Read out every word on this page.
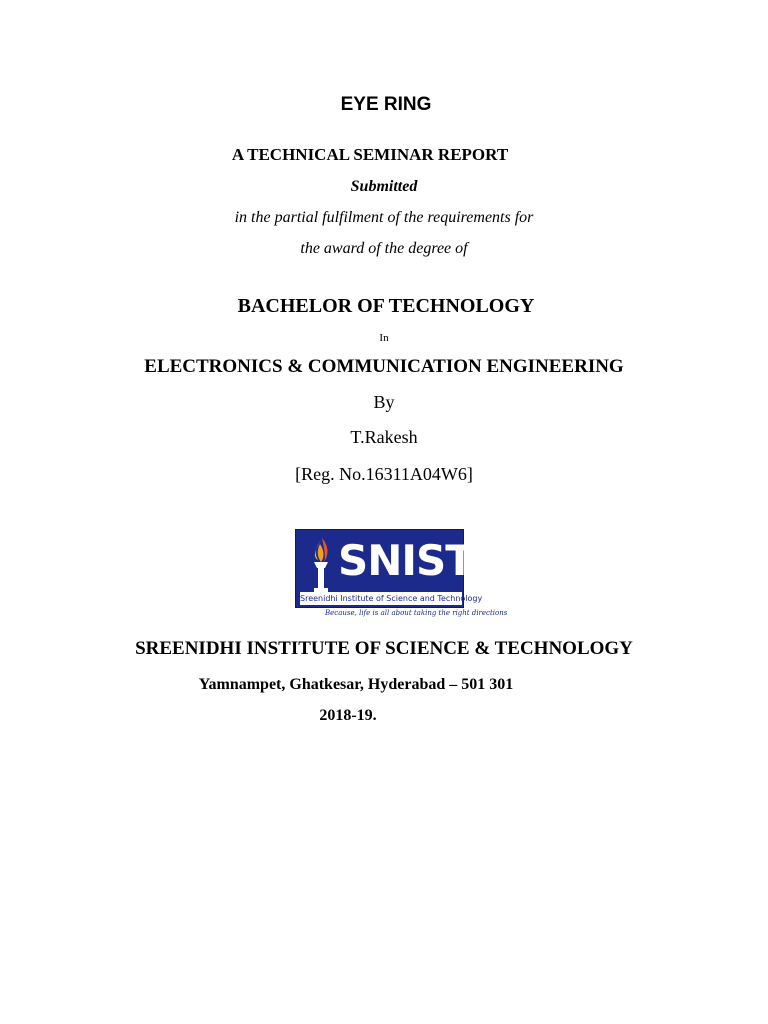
EYE RING
A TECHNICAL SEMINAR REPORT
Submitted
in the partial fulfilment of the requirements for
the award of the degree of
BACHELOR OF TECHNOLOGY
In
ELECTRONICS & COMMUNICATION ENGINEERING
By
T.Rakesh
[Reg. No.16311A04W6]
SNIST
Sreenidhi Institute of Science and Technology
Because, life is all about taking the right directions
SREENIDHI INSTITUTE OF SCIENCE & TECHNOLOGY
Yamnampet, Ghatkesar, Hyderabad – 501 301
2018-19.
